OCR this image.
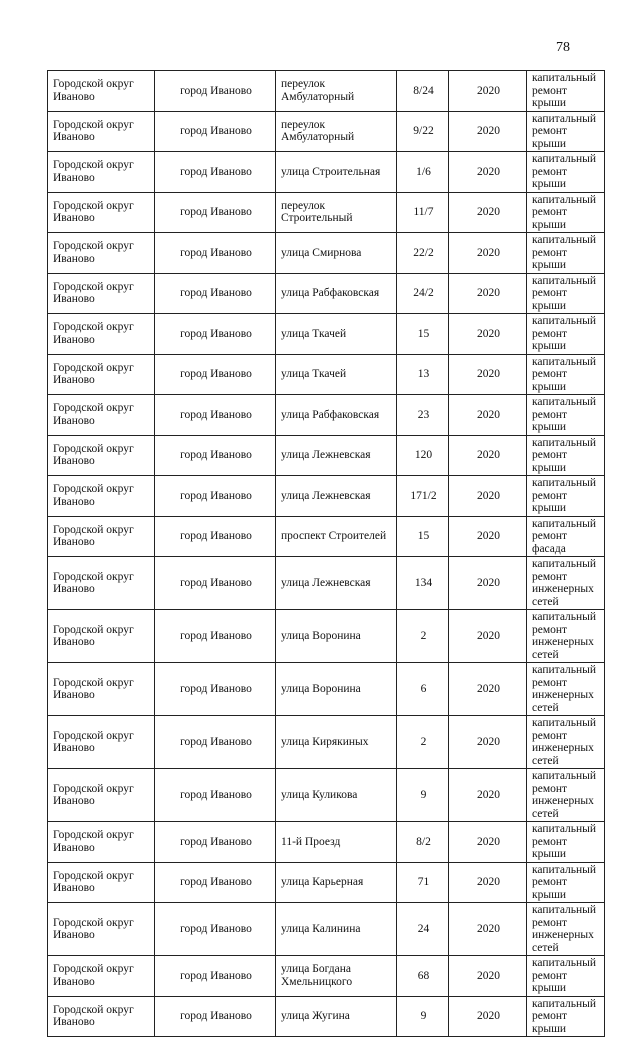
78
Городской округ Иваново	город Иваново	переулок Амбулаторный	8/24	2020	капитальный ремонт крыши
Городской округ Иваново	город Иваново	переулок Амбулаторный	9/22	2020	капитальный ремонт крыши
Городской округ Иваново	город Иваново	улица Строительная	1/6	2020	капитальный ремонт крыши
Городской округ Иваново	город Иваново	переулок Строительный	11/7	2020	капитальный ремонт крыши
Городской округ Иваново	город Иваново	улица Смирнова	22/2	2020	капитальный ремонт крыши
Городской округ Иваново	город Иваново	улица Рабфаковская	24/2	2020	капитальный ремонт крыши
Городской округ Иваново	город Иваново	улица Ткачей	15	2020	капитальный ремонт крыши
Городской округ Иваново	город Иваново	улица Ткачей	13	2020	капитальный ремонт крыши
Городской округ Иваново	город Иваново	улица Рабфаковская	23	2020	капитальный ремонт крыши
Городской округ Иваново	город Иваново	улица Лежневская	120	2020	капитальный ремонт крыши
Городской округ Иваново	город Иваново	улица Лежневская	171/2	2020	капитальный ремонт крыши
Городской округ Иваново	город Иваново	проспект Строителей	15	2020	капитальный ремонт фасада
Городской округ Иваново	город Иваново	улица Лежневская	134	2020	капитальный ремонт инженерных сетей
Городской округ Иваново	город Иваново	улица Воронина	2	2020	капитальный ремонт инженерных сетей
Городской округ Иваново	город Иваново	улица Воронина	6	2020	капитальный ремонт инженерных сетей
Городской округ Иваново	город Иваново	улица Кирякиных	2	2020	капитальный ремонт инженерных сетей
Городской округ Иваново	город Иваново	улица Куликова	9	2020	капитальный ремонт инженерных сетей
Городской округ Иваново	город Иваново	11-й Проезд	8/2	2020	капитальный ремонт крыши
Городской округ Иваново	город Иваново	улица Карьерная	71	2020	капитальный ремонт крыши
Городской округ Иваново	город Иваново	улица Калинина	24	2020	капитальный ремонт инженерных сетей
Городской округ Иваново	город Иваново	улица Богдана Хмельницкого	68	2020	капитальный ремонт крыши
Городской округ Иваново	город Иваново	улица Жугина	9	2020	капитальный ремонт крыши
